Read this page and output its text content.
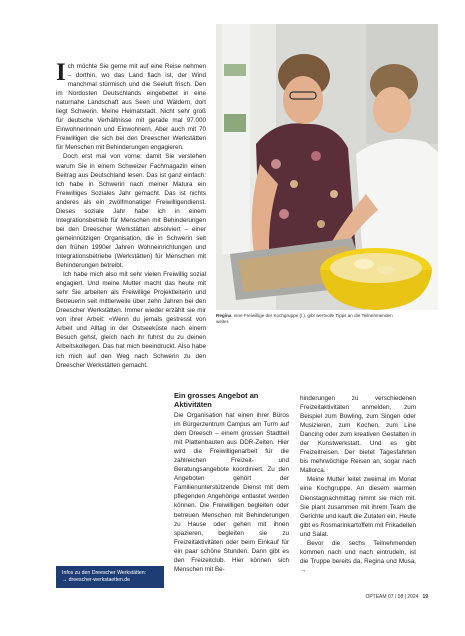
Ich möchte Sie gerne mit auf eine Reise nehmen – dorthin, wo das Land flach ist, der Wind manchmal stürmisch und die Seeluft frisch. Den im Nordosten Deutschlands eingebettet in eine naturnahe Landschaft aus Seen und Wäldern, dort liegt Schwerin. Meine Heimatstadt. Nicht sehr groß für deutsche Verhältnisse mit gerade mal 97.000 Einwohnerinnen und Einwohnern. Aber auch mit 70 Freiwilligen die sich bei den Dreescher Werkstätten für Menschen mit Behinderungen engagieren.

Doch erst mal von vorne: damit Sie verstehen warum Sie in einem Schweizer Fachmagazin einen Beitrag aus Deutschland lesen. Das ist ganz einfach: Ich habe in Schwerin nach meiner Matura ein Freiwilliges Soziales Jahr gemacht. Das ist nichts anderes als ein zwölfmonatiger Freiwilligendienst. Dieses soziale Jahr habe ich in einem Integrationsbetrieb für Menschen mit Behinderungen bei den Dreescher Werkstätten absolviert – einer gemeinnützigen Organisation, die in Schwerin seit den frühen 1990er Jahren Wohneinrichtungen und Integrationsbetriebe (Werkstätten) für Menschen mit Behinderungen betreibt.

Ich habe mich also mit sehr vielen Freiwillig sozial engagiert. Und meine Mutter macht das heute mit sehr Sie arbeiten als Freiwillige Projektleiterin und Betreuerin seit mittlerweile über zehn Jahren bei den Dreescher Werkstätten. Immer wieder erzählt sie mir von ihrer Arbeit: «Wenn du jemals gestresst von Arbeit und Alltag in der Ostseeküste nach einem Besuch gehst, gleich nach ihr fuhrst du zu deinen Arbeitskollegen. Das hat mich beeindruckt. Also habe ich mich auf den Weg nach Schwerin zu den Dreescher Werkstätten gemacht.

Regina, eine Freiwillige der Kochgruppe (l.), gibt wertvolle Tipps an die Teilnehmenden weiter.
Infos zu den Dreescher Werkstätten:
→ dreescher-werkstaetten.de
Ein grosses Angebot an Aktivitäten

Die Organisation hat einen ihrer Büros im Bürgerzentrum Campus am Turm auf dem Dreesch – einem grossen Stadtteil mit Plattenbauten aus DDR-Zeiten. Hier wird die Freiwilligenarbeit für die zahlreichen Freizeit- und Beratungsangebote koordiniert. Zu den Angeboten gehört der Familienunterstützende Dienst mit dem pflegenden Angehörige entlastet werden können. Die Freiwilligen begleiten oder betreuen Menschen mit Behinderungen zu Hause oder gehen mit ihnen spazieren, begleiten sie zu Freizeitaktivitäten oder beim Einkauf für ein paar schöne Stunden. Dann gibt es den Freizeitclub. Hier können sich Menschen mit Be-

hinderungen zu verschiedenen Freizeitaktivitäten anmelden, zum Beispiel zum Bowling, zum Singen oder Musizieren, zum Kochen, zum Line Dancing oder zum kreativen Gestalten in der Kunstwerkstatt. Und es gibt Freizeitreisen. Der bietet Tagesfahrten bis mehrwöchige Reisen an, sogar nach Mallorca.

Meine Mutter leitet zweimal im Monat eine Kochgruppe. An diesem warmen Dienstagnachmittag nimmt sie mich mit. Sie plant zusammen mit ihrem Team die Gerichte und kauft die Zutaten ein. Heute gibt es Rosmarinkartoffeln mit Frikadellen und Salat.

Bevor die sechs Teilnehmenden kommen nach und nach eintrudeln, ist die Truppe bereits da, Regina und Musa, →

OPTEAM 07 / 08 | 2024 19
